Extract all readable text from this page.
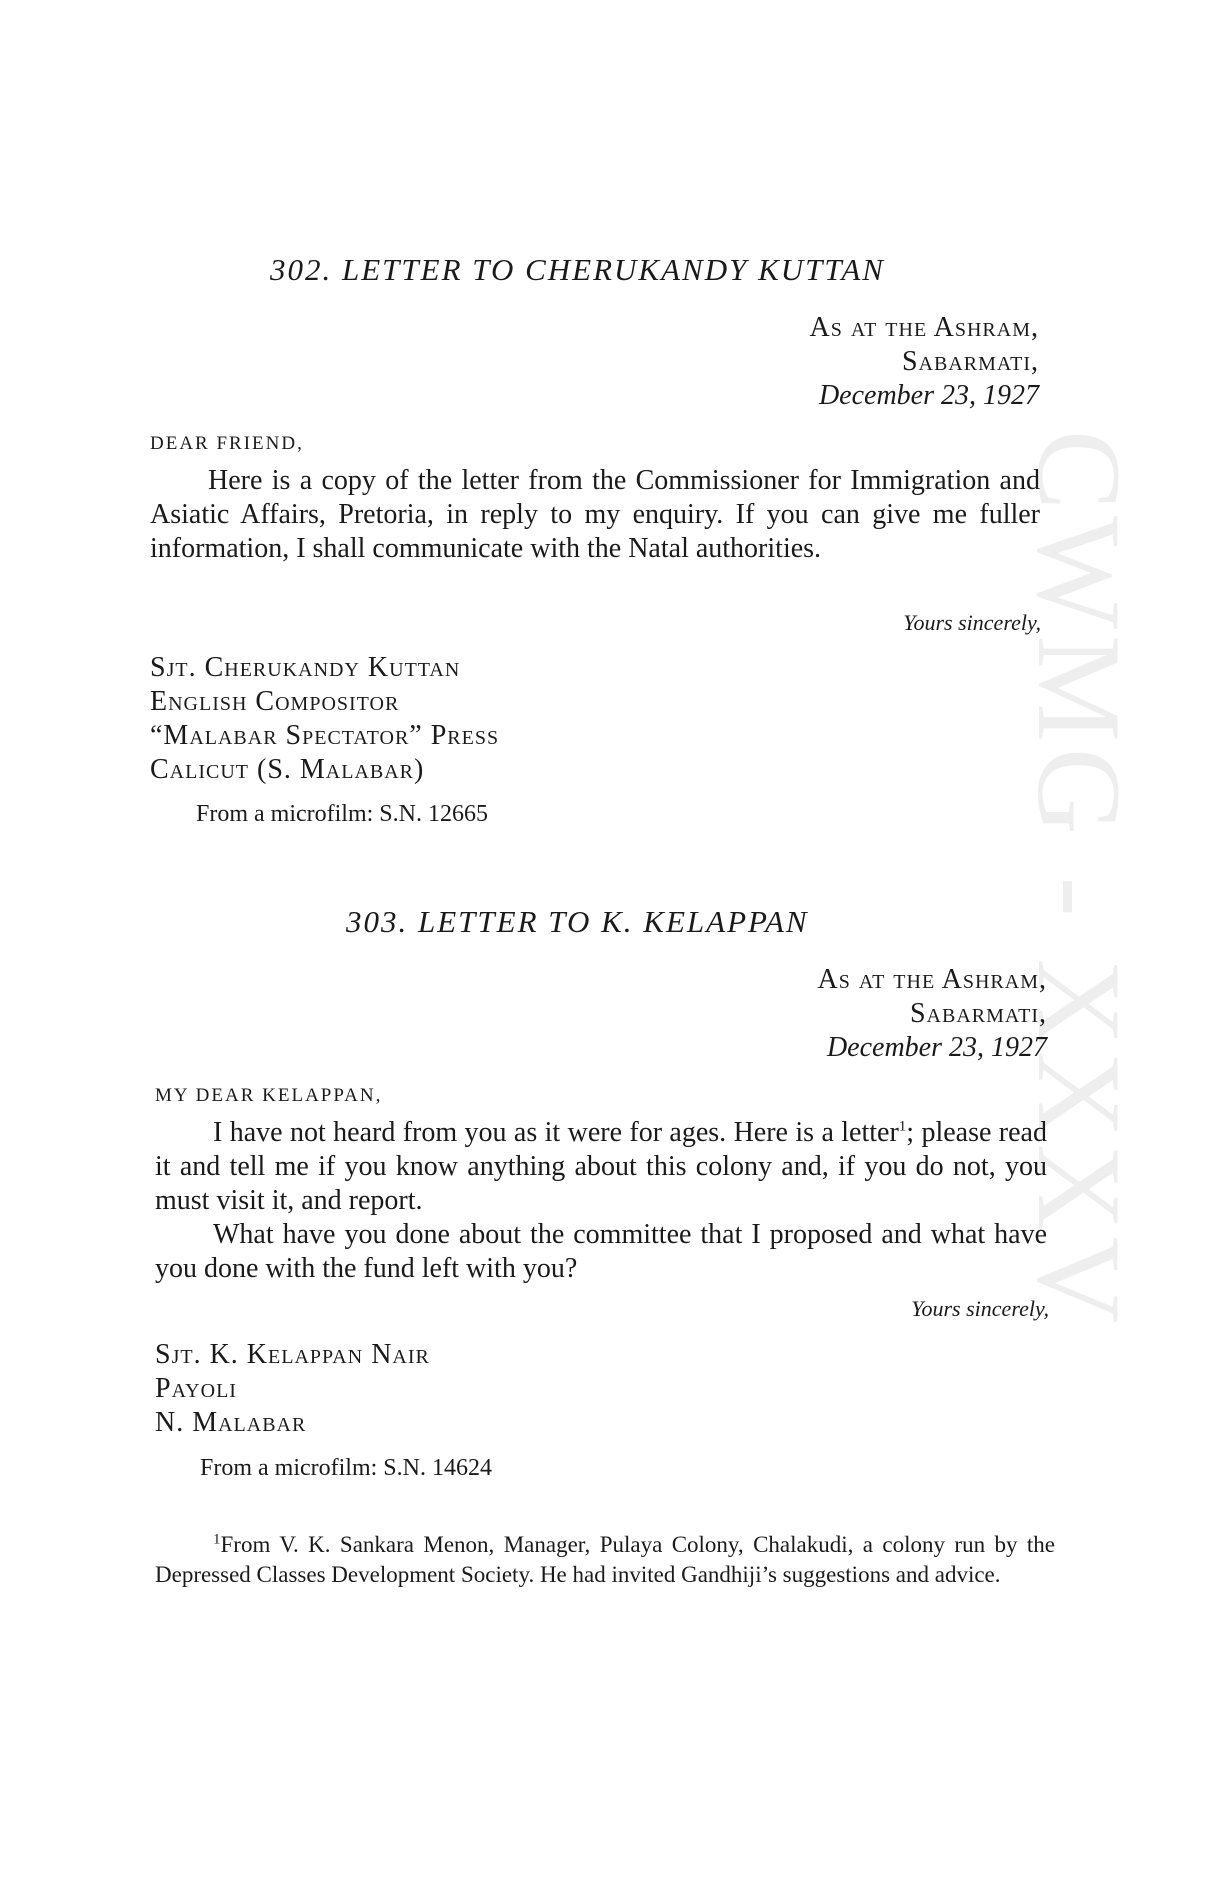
CWMG - XXXV
302. LETTER TO CHERUKANDY KUTTAN
As at the Ashram,
Sabarmati,
December 23, 1927
DEAR FRIEND,

Here is a copy of the letter from the Commissioner for Immigration and Asiatic Affairs, Pretoria, in reply to my enquiry. If you can give me fuller information, I shall communicate with the Natal authorities.

Yours sincerely,
Sjt. Cherukandy Kuttan
English Compositor
“Malabar Spectator” Press
Calicut (S. Malabar)
From a microfilm: S.N. 12665
303. LETTER TO K. KELAPPAN
As at the Ashram,
Sabarmati,
December 23, 1927
MY DEAR KELAPPAN,

I have not heard from you as it were for ages. Here is a letter$^1$; please read it and tell me if you know anything about this colony and, if you do not, you must visit it, and report.

What have you done about the committee that I proposed and what have you done with the fund left with you?

Yours sincerely,
Sjt. K. Kelappan Nair
Payoli
N. Malabar
From a microfilm: S.N. 14624
$^1$From V. K. Sankara Menon, Manager, Pulaya Colony, Chalakudi, a colony run by the Depressed Classes Development Society. He had invited Gandhiji’s suggestions and advice.
